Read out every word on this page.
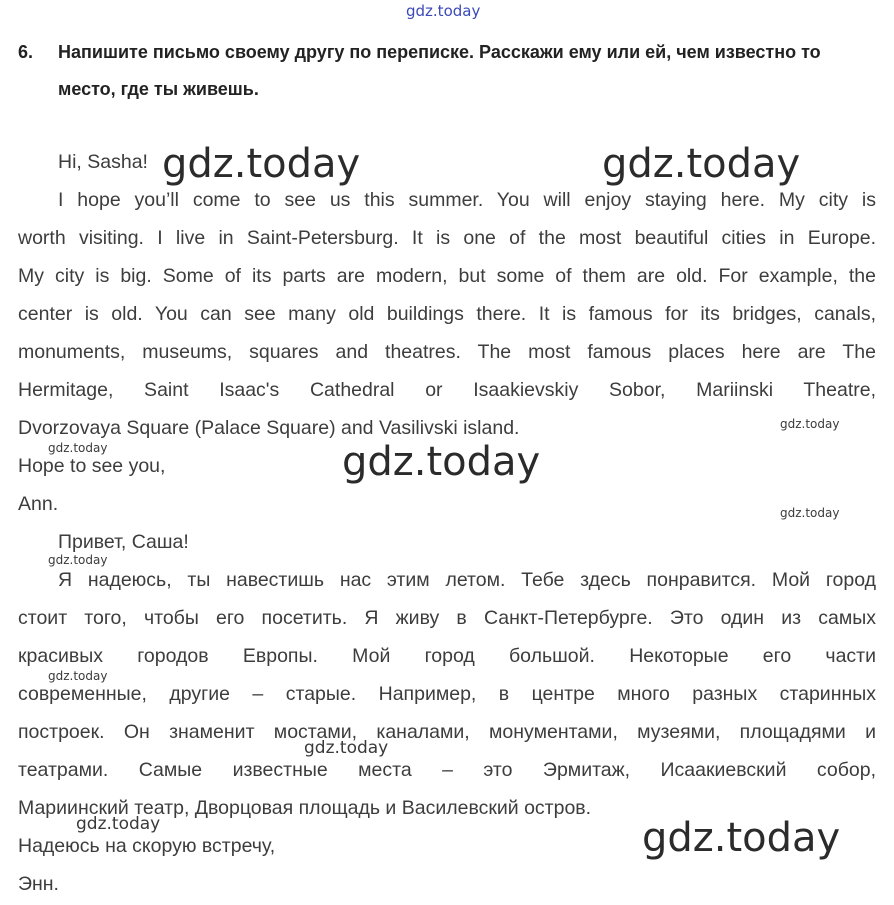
gdz.today
6. Напишите письмо своему другу по переписке. Расскажи ему или ей, чем известно то место, где ты живешь.
Hi, Sasha!
I hope you’ll come to see us this summer. You will enjoy staying here. My city is
worth visiting. I live in Saint-Petersburg. It is one of the most beautiful cities in Europe.
My city is big. Some of its parts are modern, but some of them are old. For example, the
center is old. You can see many old buildings there. It is famous for its bridges, canals,
monuments, museums, squares and theatres. The most famous places here are The
Hermitage, Saint Isaac's Cathedral or Isaakievskiy Sobor, Mariinski Theatre,
Dvorzovaya Square (Palace Square) and Vasilivski island.
Hope to see you,
Ann.
Привет, Саша!
Я надеюсь, ты навестишь нас этим летом. Тебе здесь понравится. Мой город
стоит того, чтобы его посетить. Я живу в Санкт-Петербурге. Это один из самых
красивых городов Европы. Мой город большой. Некоторые его части
современные, другие – старые. Например, в центре много разных старинных
построек. Он знаменит мостами, каналами, монументами, музеями, площадями и
театрами. Самые известные места – это Эрмитаж, Исаакиевский собор,
Мариинский театр, Дворцовая площадь и Василевский остров.
Надеюсь на скорую встречу,
Энн.
gdz.today	gdz.today
gdz.today
gdz.today
gdz.today
gdz.today
gdz.today
gdz.today
gdz.today
gdz.today
gdz.today
